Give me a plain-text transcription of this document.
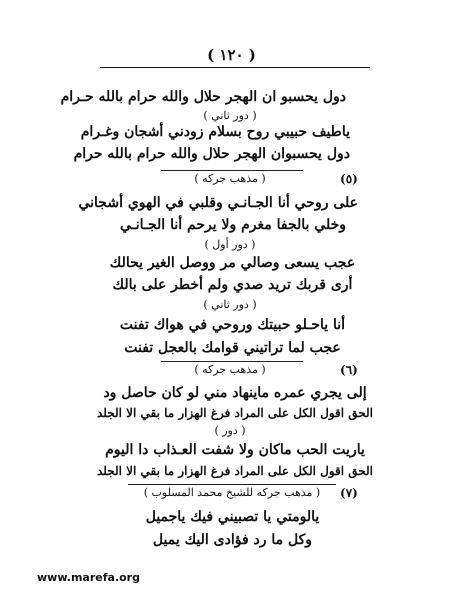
( ١٢٠ )
دول يحسبو ان الهجر حلال والله حرام بالله حـرام
( دور ثاني )
ياطيف حبيبي روح بسلام زودني أشجان وغـرام
دول يحسبوان الهجر حلال والله حرام بالله حرام
( مذهب جركه )	(٥)
على روحي أنا الجـانـي وقلبي في الهوي أشجاني
وخلي بالجفا مغرم ولا يرحم أنا الجـانـي
( دور أول )
عجب يسعى وصالي مر ووصل الغير يحالك
أرى قربك تريد صدي ولم أخطر على بالك
( دور ثاني )
أنا ياحـلو حبيتك وروحي في هواك تفنت
عجب لما تراتيني قوامك بالعجل تفنت
( مذهب جركه )	(٦)
إلى يجري عمره ماينهاد مني لو كان حاصل ود
الحق اقول الكل على المراد فرغ الهزار ما بقي الا الجلد
( دور )
ياريت الحب ماكان ولا شفت العـذاب دا اليوم
الحق اقول الكل على المراد فرغ الهزار ما بقي الا الجلد
( مذهب جركه للشيخ محمد المسلوب )	(٧)
يالومتي يا تصبيني فيك ياجميل
وكل ما رد فؤادى اليك يميل
www.marefa.org
